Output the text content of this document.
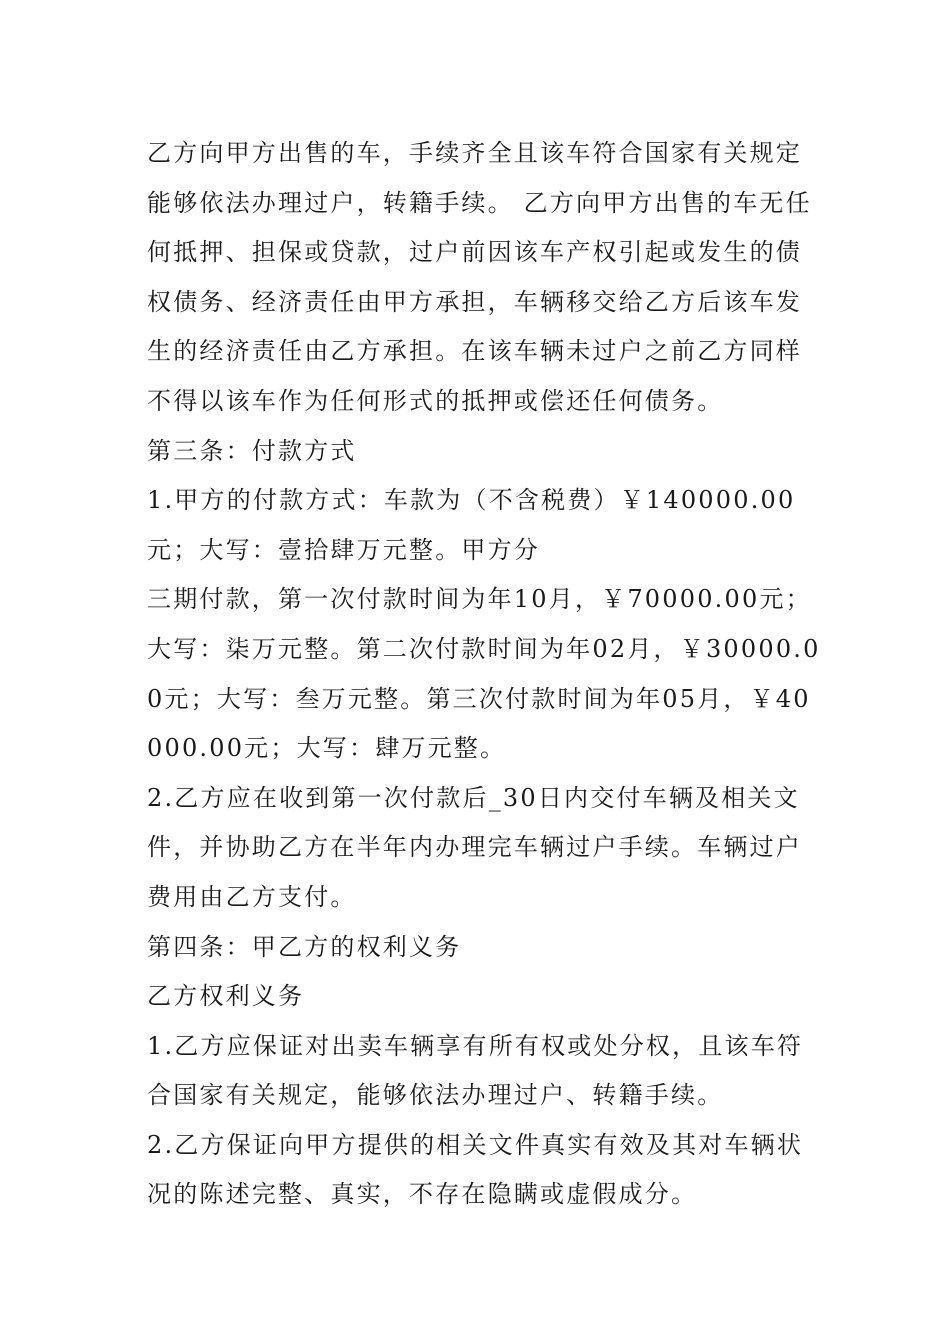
乙方向甲方出售的车，手续齐全且该车符合国家有关规定能够依法办理过户，转籍手续。 乙方向甲方出售的车无任何抵押、担保或贷款，过户前因该车产权引起或发生的债权债务、经济责任由甲方承担，车辆移交给乙方后该车发生的经济责任由乙方承担。在该车辆未过户之前乙方同样不得以该车作为任何形式的抵押或偿还任何债务。

第三条：付款方式

1.甲方的付款方式：车款为（不含税费）￥140000.00元；大写：壹拾肆万元整。甲方分

三期付款，第一次付款时间为年10月，￥70000.00元；大写：柒万元整。第二次付款时间为年02月，￥30000.00元；大写：叁万元整。第三次付款时间为年05月，￥40000.00元；大写：肆万元整。

2.乙方应在收到第一次付款后_30日内交付车辆及相关文件，并协助乙方在半年内办理完车辆过户手续。车辆过户费用由乙方支付。

第四条：甲乙方的权利义务

乙方权利义务

1.乙方应保证对出卖车辆享有所有权或处分权，且该车符合国家有关规定，能够依法办理过户、转籍手续。

2.乙方保证向甲方提供的相关文件真实有效及其对车辆状况的陈述完整、真实，不存在隐瞒或虚假成分。
